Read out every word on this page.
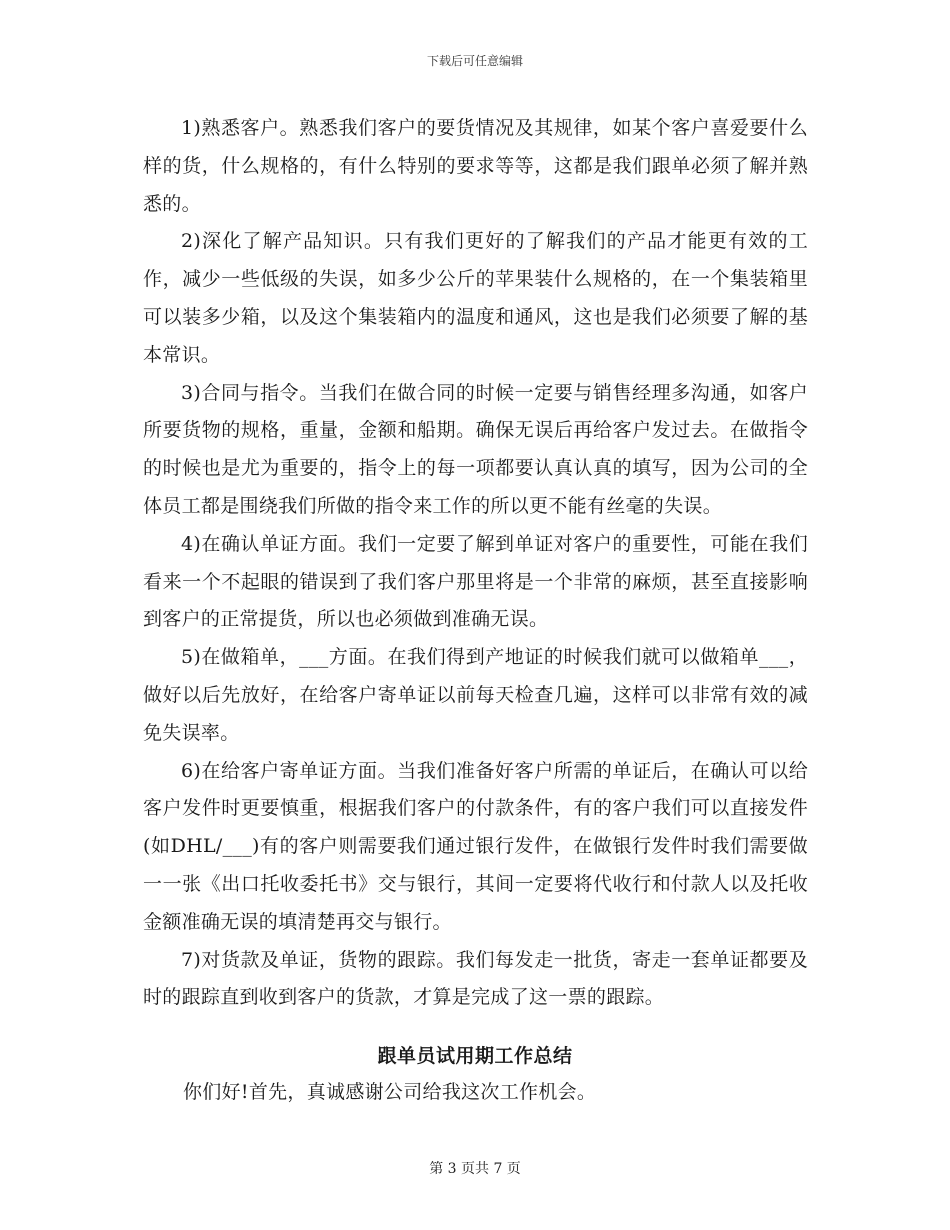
下载后可任意编辑

1)熟悉客户。熟悉我们客户的要货情况及其规律，如某个客户喜爱要什么样的货，什么规格的，有什么特别的要求等等，这都是我们跟单必须了解并熟悉的。

2)深化了解产品知识。只有我们更好的了解我们的产品才能更有效的工作，减少一些低级的失误，如多少公斤的苹果装什么规格的，在一个集装箱里可以装多少箱，以及这个集装箱内的温度和通风，这也是我们必须要了解的基本常识。

3)合同与指令。当我们在做合同的时候一定要与销售经理多沟通，如客户所要货物的规格，重量，金额和船期。确保无误后再给客户发过去。在做指令的时候也是尤为重要的，指令上的每一项都要认真认真的填写，因为公司的全体员工都是围绕我们所做的指令来工作的所以更不能有丝毫的失误。

4)在确认单证方面。我们一定要了解到单证对客户的重要性，可能在我们看来一个不起眼的错误到了我们客户那里将是一个非常的麻烦，甚至直接影响到客户的正常提货，所以也必须做到准确无误。

5)在做箱单，___方面。在我们得到产地证的时候我们就可以做箱单___，做好以后先放好，在给客户寄单证以前每天检查几遍，这样可以非常有效的减免失误率。

6)在给客户寄单证方面。当我们准备好客户所需的单证后，在确认可以给客户发件时更要慎重，根据我们客户的付款条件，有的客户我们可以直接发件(如DHL/___)有的客户则需要我们通过银行发件，在做银行发件时我们需要做一一张《出口托收委托书》交与银行，其间一定要将代收行和付款人以及托收金额准确无误的填清楚再交与银行。

7)对货款及单证，货物的跟踪。我们每发走一批货，寄走一套单证都要及时的跟踪直到收到客户的货款，才算是完成了这一票的跟踪。

跟单员试用期工作总结
你们好!首先，真诚感谢公司给我这次工作机会。
第 3 页共 7 页
